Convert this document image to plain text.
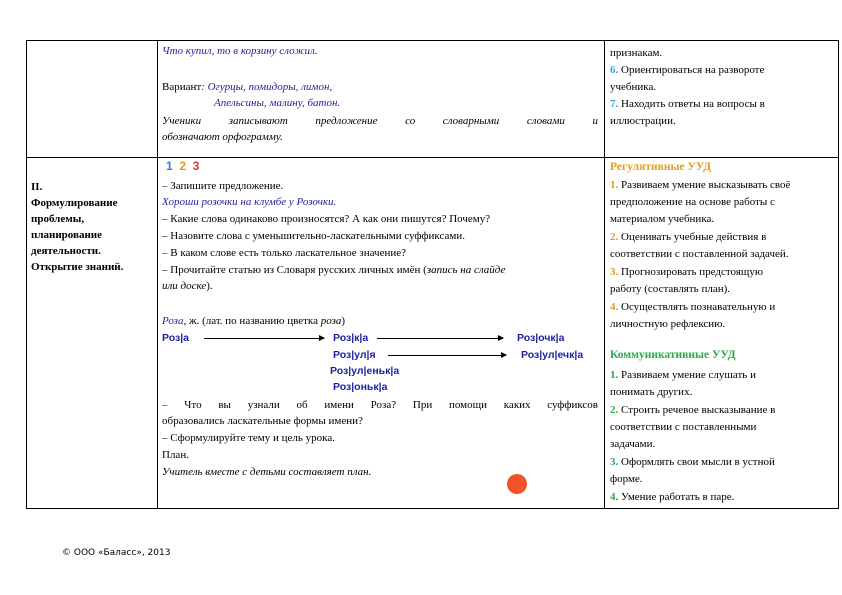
Что купил, то в корзину сложил.
Вариант: Огурцы, помидоры, лимон,
Апельсины, малину, батон.
Ученики записывают предложение со словарными словами и
обозначают орфограмму.
признакам.
6. Ориентироваться на развороте
учебника.
7. Находить ответы на вопросы в
иллюстрации.
II.
Формулирование
проблемы,
планирование
деятельности.
Открытие знаний.
1 2 3
– Запишите предложение.
Хороши розочки на клумбе у Розочки.
– Какие слова одинаково произносятся? А как они пишутся? Почему?
– Назовите слова с уменьшительно-ласкательными суффиксами.
– В каком слове есть только ласкательное значение?
– Прочитайте статью из Словаря русских личных имён (запись на слайде
или доске).
Роза, ж. (лат. по названию цветка роза)
Роз|а	Роз|к|а	Роз|очк|а
Роз|ул|я	Роз|ул|ечк|а
Роз|ул|еньк|а
Роз|оньк|а
– Что вы узнали об имени Роза? При помощи каких суффиксов
образовались ласкательные формы имени?
– Сформулируйте тему и цель урока.
План.
Учитель вместе с детьми составляет план.
Регулятивные УУД
1. Развиваем умение высказывать своё
предположение на основе работы с
материалом учебника.
2. Оценивать учебные действия в
соответствии с поставленной задачей.
3. Прогнозировать предстоящую
работу (составлять план).
4. Осуществлять познавательную и
личностную рефлексию.
Коммуникативные УУД
1. Развиваем умение слушать и
понимать других.
2. Строить речевое высказывание в
соответствии с поставленными
задачами.
3. Оформлять свои мысли в устной
форме.
4. Умение работать в паре.
© ООО «Баласс», 2013
